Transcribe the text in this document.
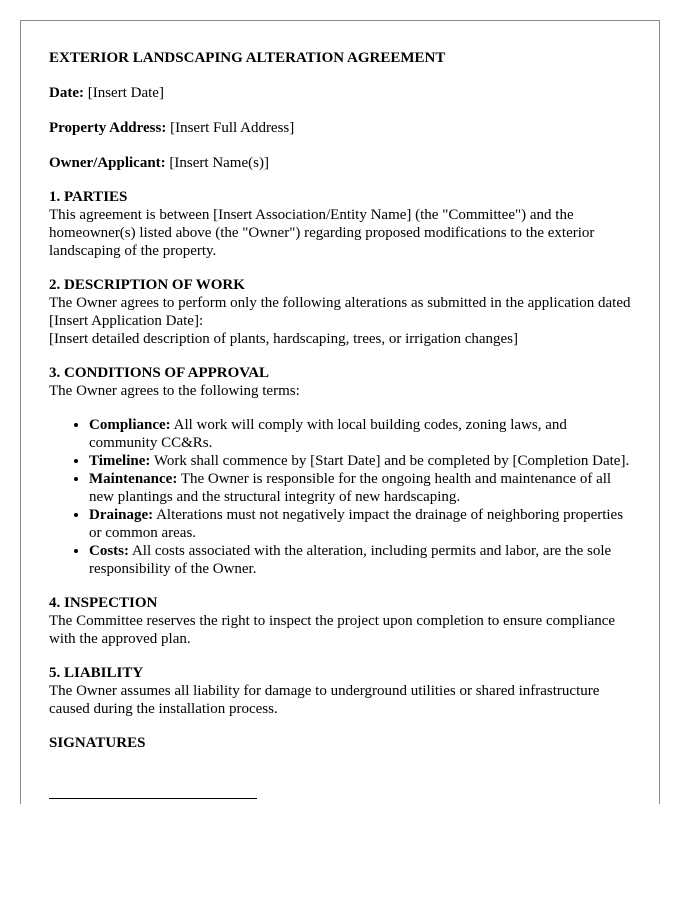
EXTERIOR LANDSCAPING ALTERATION AGREEMENT
Date: [Insert Date]
Property Address: [Insert Full Address]
Owner/Applicant: [Insert Name(s)]
1. PARTIES

This agreement is between [Insert Association/Entity Name] (the "Committee") and the homeowner(s) listed above (the "Owner") regarding proposed modifications to the exterior landscaping of the property.

2. DESCRIPTION OF WORK

The Owner agrees to perform only the following alterations as submitted in the application dated [Insert Application Date]:

[Insert detailed description of plants, hardscaping, trees, or irrigation changes]

3. CONDITIONS OF APPROVAL

The Owner agrees to the following terms:

• Compliance: All work will comply with local building codes, zoning laws, and community CC&Rs.
• Timeline: Work shall commence by [Start Date] and be completed by [Completion Date].
• Maintenance: The Owner is responsible for the ongoing health and maintenance of all new plantings and the structural integrity of new hardscaping.
• Drainage: Alterations must not negatively impact the drainage of neighboring properties or common areas.
• Costs: All costs associated with the alteration, including permits and labor, are the sole responsibility of the Owner.
4. INSPECTION

The Committee reserves the right to inspect the project upon completion to ensure compliance with the approved plan.

5. LIABILITY

The Owner assumes all liability for damage to underground utilities or shared infrastructure caused during the installation process.

SIGNATURES
